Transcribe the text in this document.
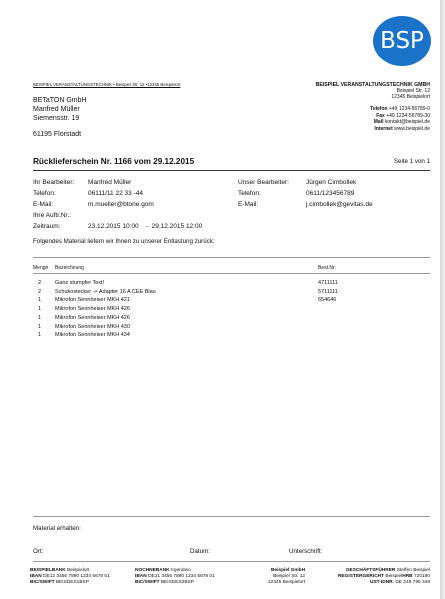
BSP
BEISPIEL VERANSTALTUNGSTECHNIK • Beispiel Str. 12 •12345 Beispielort
BETaTON GmbH
Manfred Müller
Siemensstr. 19
61195 Florstadt
BEISPIEL VERANSTALTUNGSTECHNIK GMBH
Beispiel Str. 12
12345 Beispielort
Telefon +49 1234-56789-0
Fax +49 1234-56789-30
Mail kontakt@beispiel.de
Internet www.beispiel.de
Rücklieferschein Nr. 1166 vom 29.12.2015	Seite 1 von 1
Ihr Bearbeiter: Manfred Müller
Telefon:	06111/11 22 33 -44
E-Mail:	m.mueller@btone.gom
Ihre Auftr.Nr.:
Zeitraum:	23.12.2015 10:00    -  29.12.2015 12:00
Unser Bearbeiter:	Jürgen Cimbollek
Telefon:	0611/123456789
E-Mail:	j.cimbollek@gevitas.de
Folgendes Material liefern wir Ihnen zu unserer Entlastung zurück:
Menge Bezeichnung	Best.Nr.
2	Ganz stumpfer Text!	4711111
2	Schukostecker -> Adapter 16 A CEE Blau	5711111
1	Mikrofon Sennheiser MKH 421	654646
1	Mikrofon Sennheiser MKH 426
1	Mikrofon Sennheiser MKH 426
1	Mikrofon Sennheiser MKH 430
1	Mikrofon Sennheiser MKH 434
Material erhalten:
Ort:	Datum:	Unterschrift:
BEISPIELBANK Beispielort
IBAN DE12 3456 7890 1234 5678 01
BIC/SWIFT BEISDES1BSP
NOCHNEBANK Irgendwo
IBAN DE21 3456 7890 1234 5678 01
BIC/SWIFT BEISDES2BSP
Beispiel GmbH
Beispiel Str. 12
12345 Beispielort
GESCHÄFTSFÜHRER Steffen Beispiel
REGISTERGERICHT BeispielHRB 720190
UST-IDNR. DE 249 795 348
